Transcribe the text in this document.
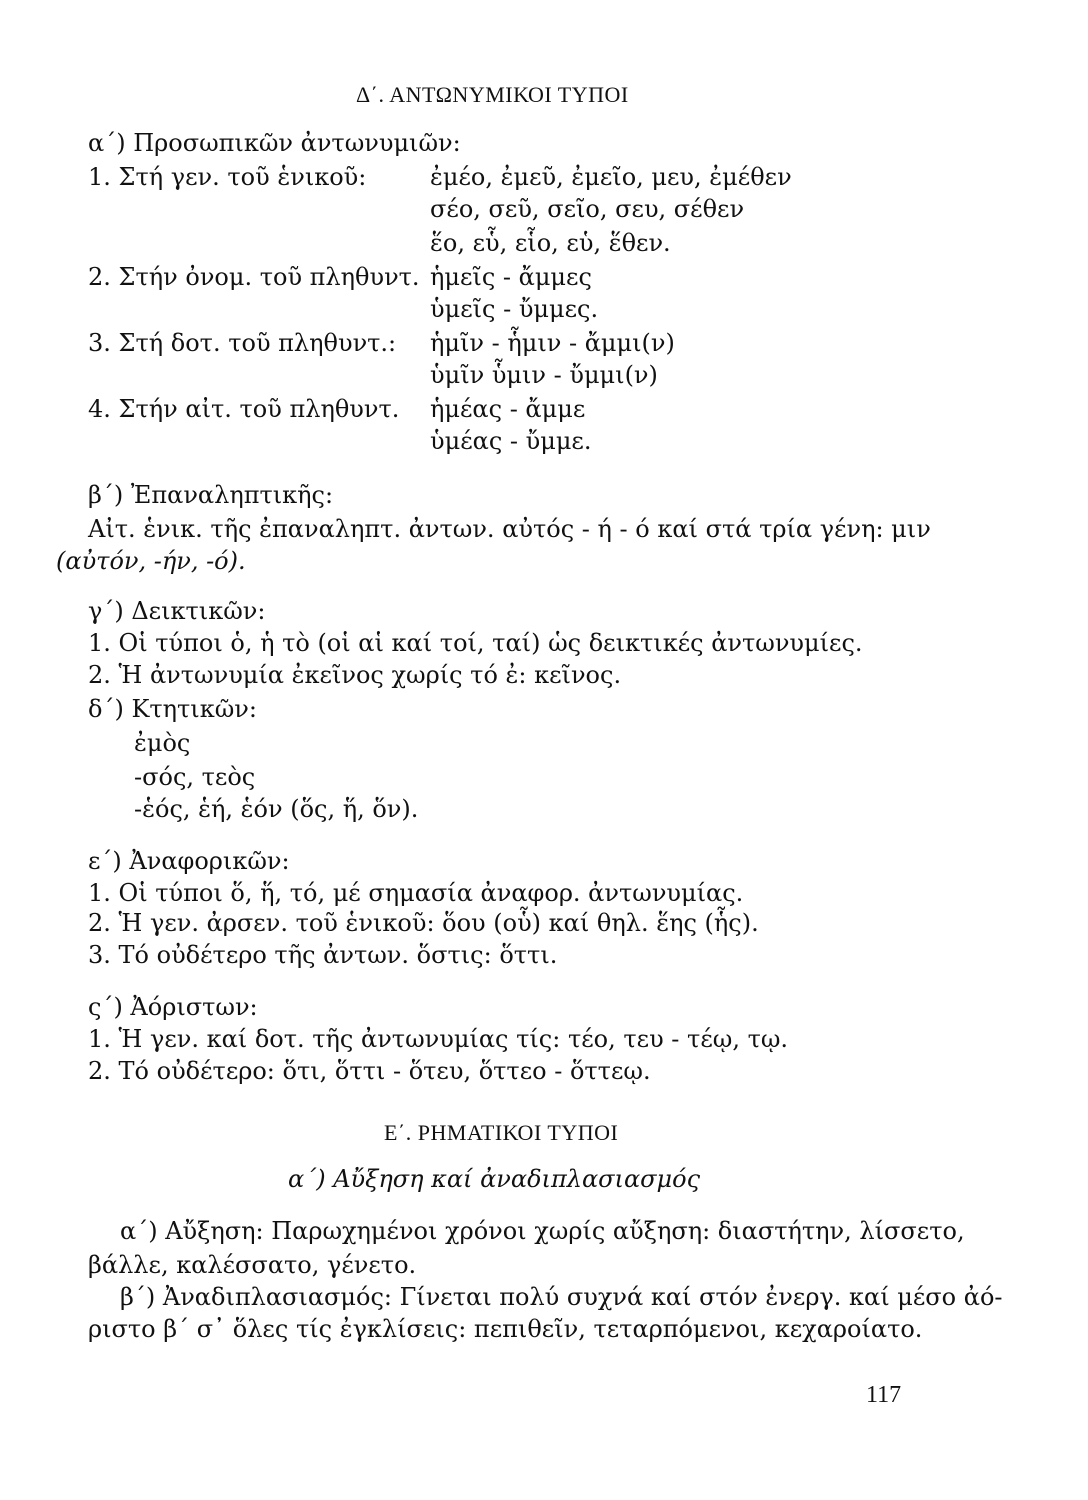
Δ΄. ΑΝΤΩΝΥΜΙΚΟΙ ΤΥΠΟΙ
α΄) Προσωπικῶν ἀντωνυμιῶν:
1. Στή γεν. τοῦ ἑνικοῦ:	ἐμέο, ἐμεῦ, ἐμεῖο, μευ, ἐμέθεν
σέο, σεῦ, σεῖο, σευ, σέθεν
ἕο, εὗ, εἷο, εὑ, ἕθεν.
2. Στήν ὀνομ. τοῦ πληθυντ. ἡμεῖς - ἄμμες
ὑμεῖς - ὔμμες.
3. Στή δοτ. τοῦ πληθυντ.: ἡμῖν - ἧμιν - ἄμμι(ν)
ὑμῖν ὗμιν - ὔμμι(ν)
4. Στήν αἰτ. τοῦ πληθυντ. ἡμέας - ἄμμε
ὑμέας - ὔμμε.
β΄) Ἐπαναληπτικῆς:
Αἰτ. ἑνικ. τῆς ἐπαναληπτ. ἀντων. αὐτός - ή - ό καί στά τρία γένη: μιν
(αὐτόν, -ήν, -ό).
γ΄) Δεικτικῶν:
1. Οἱ τύποι ὁ, ἡ τὸ (οἱ αἱ καί τοί, ταί) ὡς δεικτικές ἀντωνυμίες.
2. Ἡ ἀντωνυμία ἐκεῖνος χωρίς τό ἐ: κεῖνος.
δ΄) Κτητικῶν:
ἐμὸς
-σός, τεὸς
-ἑός, ἑή, ἑόν (ὅς, ἥ, ὅν).
ε΄) Ἀναφορικῶν:
1. Οἱ τύποι ὅ, ἥ, τό, μέ σημασία ἀναφορ. ἀντωνυμίας.
2. Ἡ γεν. ἀρσεν. τοῦ ἑνικοῦ: ὅου (οὗ) καί θηλ. ἕης (ἧς).
3. Τό οὐδέτερο τῆς ἀντων. ὅστις: ὅττι.
ς΄) Ἀόριστων:
1. Ἡ γεν. καί δοτ. τῆς ἀντωνυμίας τίς: τέο, τευ - τέῳ, τῳ.
2. Τό οὐδέτερο: ὅτι, ὅττι - ὅτευ, ὅττεο - ὅττεῳ.
Ε΄. ΡΗΜΑΤΙΚΟΙ ΤΥΠΟΙ
α΄) Αὔξηση καί ἀναδιπλασιασμός
α΄) Αὔξηση: Παρωχημένοι χρόνοι χωρίς αὔξηση: διαστήτην, λίσσετο,
βάλλε, καλέσσατο, γένετο.
β΄) Ἀναδιπλασιασμός: Γίνεται πολύ συχνά καί στόν ἐνεργ. καί μέσο ἀό-
ριστο β΄ σ᾽ ὅλες τίς ἐγκλίσεις: πεπιθεῖν, τεταρπόμενοι, κεχαροίατο.
117
